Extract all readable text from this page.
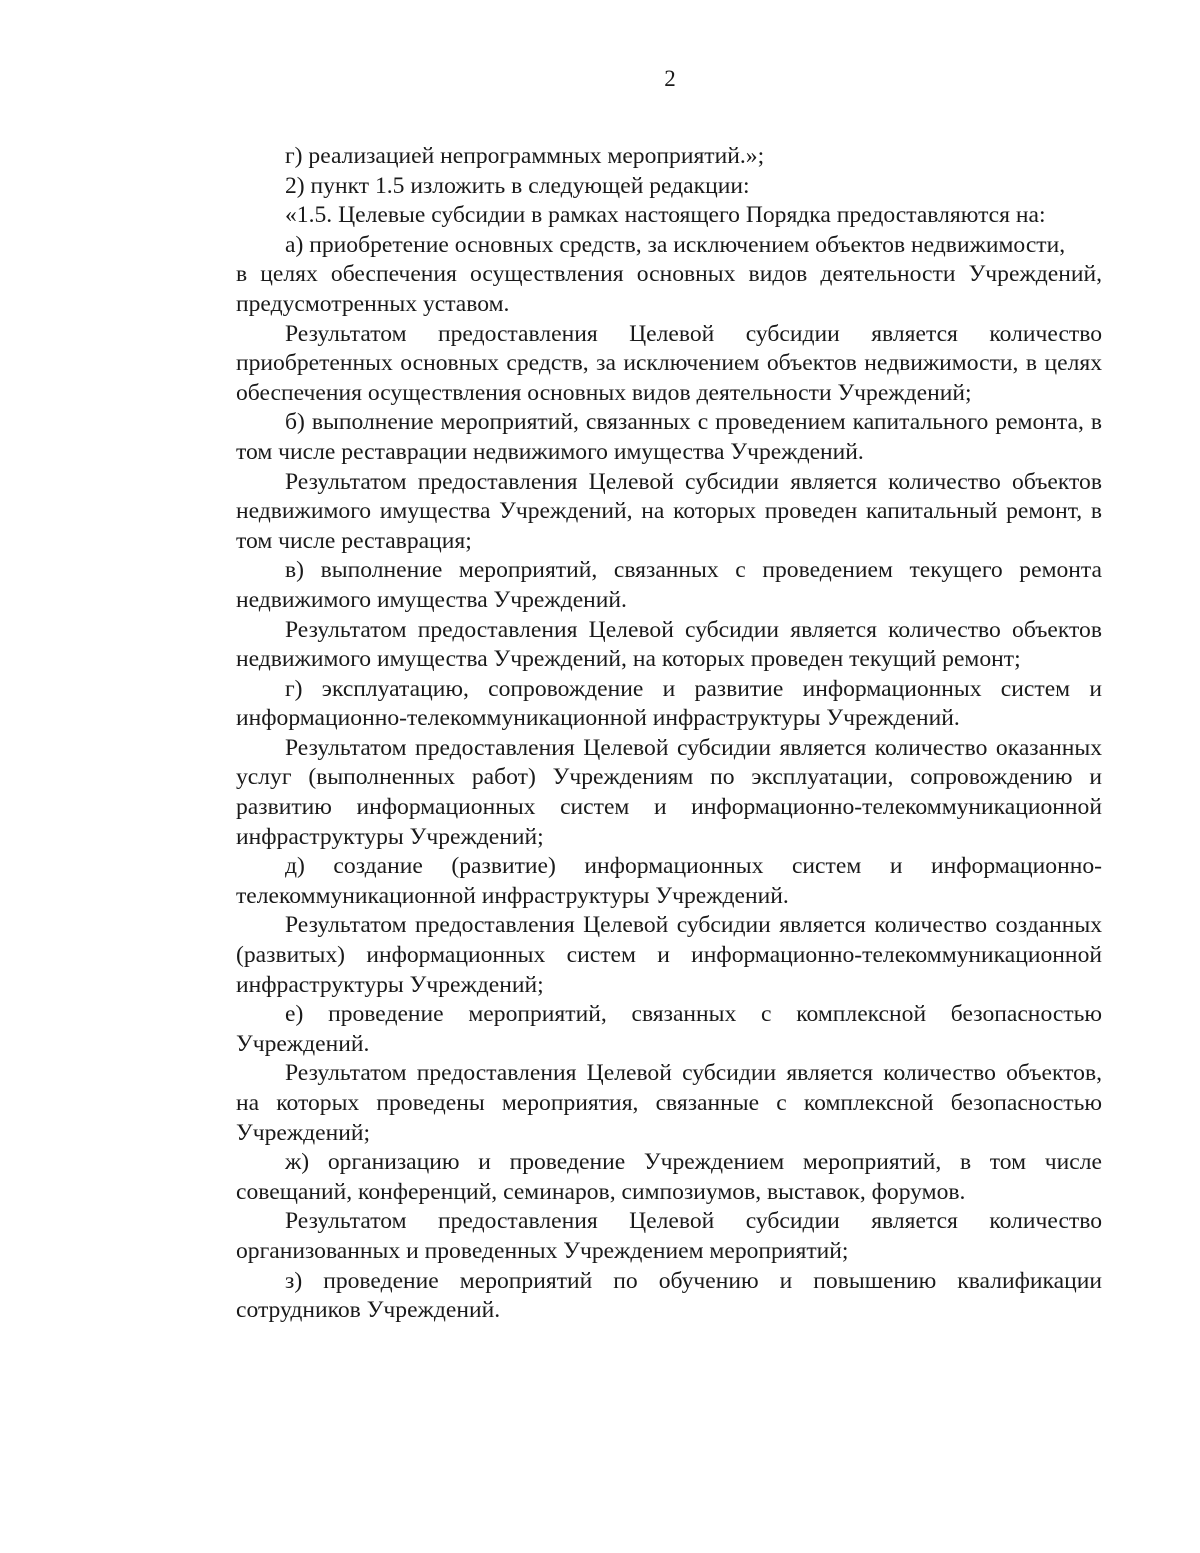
2

г) реализацией непрограммных мероприятий.»;

2) пункт 1.5 изложить в следующей редакции:

«1.5. Целевые субсидии в рамках настоящего Порядка предоставляются на:

а) приобретение основных средств, за исключением объектов недвижимости,

в целях обеспечения осуществления основных видов деятельности Учреждений, предусмотренных уставом.

Результатом предоставления Целевой субсидии является количество приобретенных основных средств, за исключением объектов недвижимости, в целях обеспечения осуществления основных видов деятельности Учреждений;

б) выполнение мероприятий, связанных с проведением капитального ремонта, в том числе реставрации недвижимого имущества Учреждений.

Результатом предоставления Целевой субсидии является количество объектов недвижимого имущества Учреждений, на которых проведен капитальный ремонт, в том числе реставрация;

в) выполнение мероприятий, связанных с проведением текущего ремонта недвижимого имущества Учреждений.

Результатом предоставления Целевой субсидии является количество объектов недвижимого имущества Учреждений, на которых проведен текущий ремонт;

г) эксплуатацию, сопровождение и развитие информационных систем и информационно-телекоммуникационной инфраструктуры Учреждений.

Результатом предоставления Целевой субсидии является количество оказанных услуг (выполненных работ) Учреждениям по эксплуатации, сопровождению и развитию информационных систем и информационно-телекоммуникационной инфраструктуры Учреждений;

д) создание (развитие) информационных систем и информационно-телекоммуникационной инфраструктуры Учреждений.

Результатом предоставления Целевой субсидии является количество созданных (развитых) информационных систем и информационно-телекоммуникационной инфраструктуры Учреждений;

е) проведение мероприятий, связанных с комплексной безопасностью Учреждений.

Результатом предоставления Целевой субсидии является количество объектов, на которых проведены мероприятия, связанные с комплексной безопасностью Учреждений;

ж) организацию и проведение Учреждением мероприятий, в том числе совещаний, конференций, семинаров, симпозиумов, выставок, форумов.

Результатом предоставления Целевой субсидии является количество организованных и проведенных Учреждением мероприятий;

з) проведение мероприятий по обучению и повышению квалификации сотрудников Учреждений.
